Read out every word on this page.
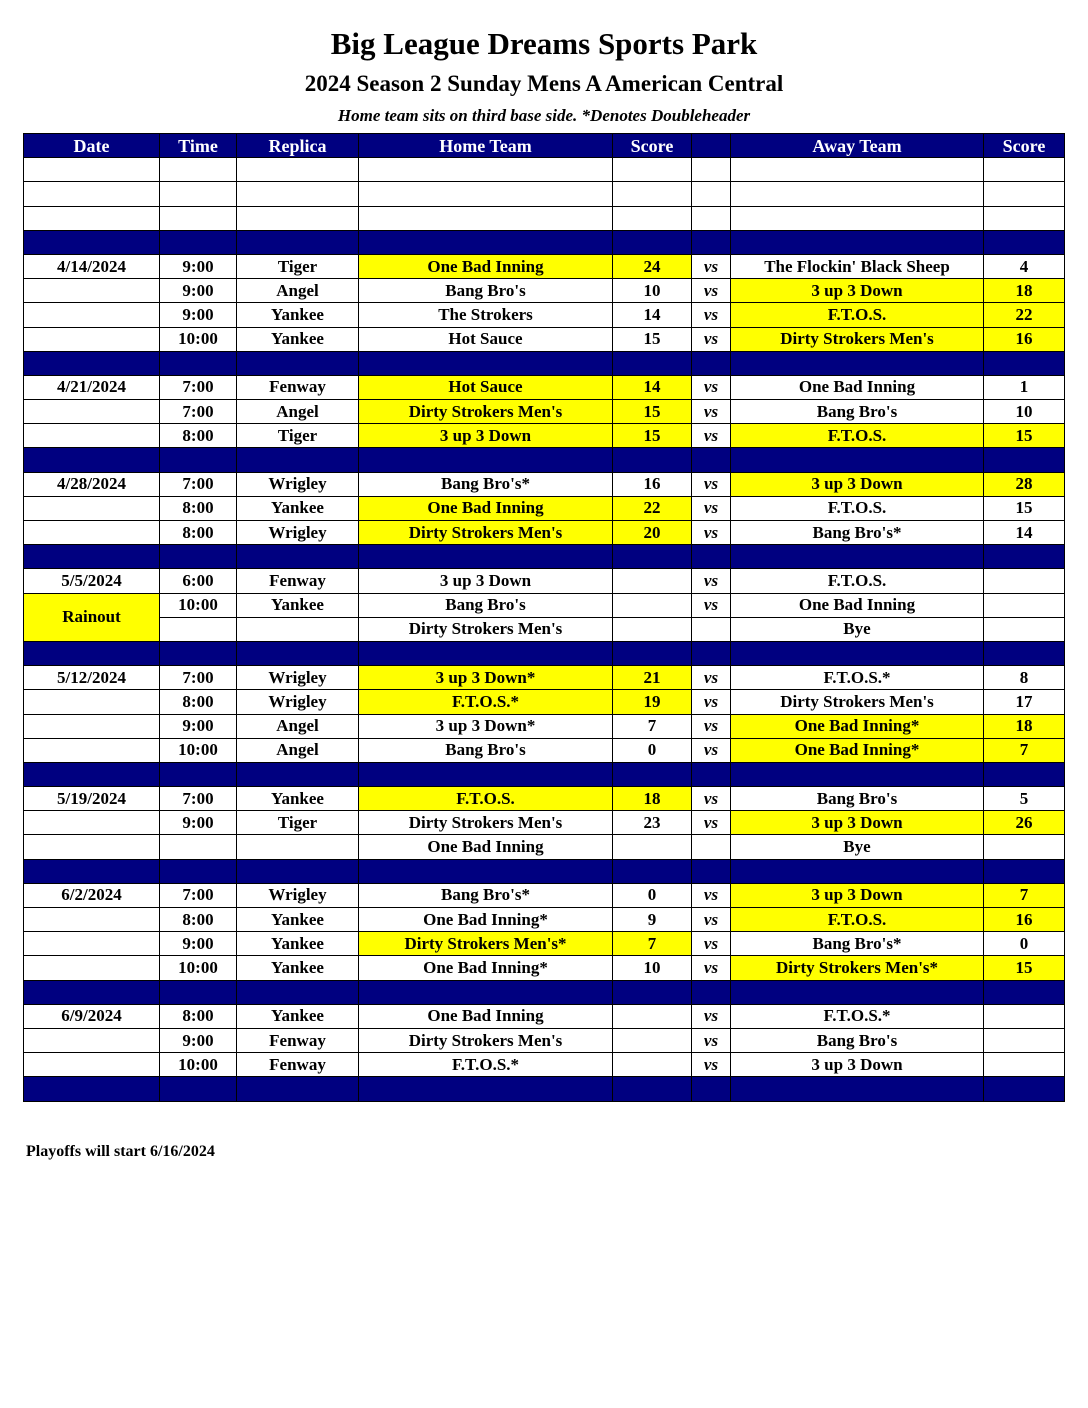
Big League Dreams Sports Park
2024 Season 2 Sunday Mens A American Central
Home team sits on third base side. *Denotes Doubleheader
Date	Time	Replica	Home Team	Score		Away Team	Score

4/14/2024	9:00	Tiger	One Bad Inning	24	vs	The Flockin' Black Sheep	4
	9:00	Angel	Bang Bro's	10	vs	3 up 3 Down	18
	9:00	Yankee	The Strokers	14	vs	F.T.O.S.	22
	10:00	Yankee	Hot Sauce	15	vs	Dirty Strokers Men's	16

4/21/2024	7:00	Fenway	Hot Sauce	14	vs	One Bad Inning	1
	7:00	Angel	Dirty Strokers Men's	15	vs	Bang Bro's	10
	8:00	Tiger	3 up 3 Down	15	vs	F.T.O.S.	15

4/28/2024	7:00	Wrigley	Bang Bro's*	16	vs	3 up 3 Down	28
	8:00	Yankee	One Bad Inning	22	vs	F.T.O.S.	15
	8:00	Wrigley	Dirty Strokers Men's	20	vs	Bang Bro's*	14

5/5/2024	6:00	Fenway	3 up 3 Down		vs	F.T.O.S.	
Rainout	10:00	Yankee	Bang Bro's		vs	One Bad Inning	
			Dirty Strokers Men's			Bye	

5/12/2024	7:00	Wrigley	3 up 3 Down*	21	vs	F.T.O.S.*	8
	8:00	Wrigley	F.T.O.S.*	19	vs	Dirty Strokers Men's	17
	9:00	Angel	3 up 3 Down*	7	vs	One Bad Inning*	18
	10:00	Angel	Bang Bro's	0	vs	One Bad Inning*	7

5/19/2024	7:00	Yankee	F.T.O.S.	18	vs	Bang Bro's	5
	9:00	Tiger	Dirty Strokers Men's	23	vs	3 up 3 Down	26
			One Bad Inning			Bye	

6/2/2024	7:00	Wrigley	Bang Bro's*	0	vs	3 up 3 Down	7
	8:00	Yankee	One Bad Inning*	9	vs	F.T.O.S.	16
	9:00	Yankee	Dirty Strokers Men's*	7	vs	Bang Bro's*	0
	10:00	Yankee	One Bad Inning*	10	vs	Dirty Strokers Men's*	15

6/9/2024	8:00	Yankee	One Bad Inning		vs	F.T.O.S.*	
	9:00	Fenway	Dirty Strokers Men's		vs	Bang Bro's	
	10:00	Fenway	F.T.O.S.*		vs	3 up 3 Down	

Playoffs will start 6/16/2024
